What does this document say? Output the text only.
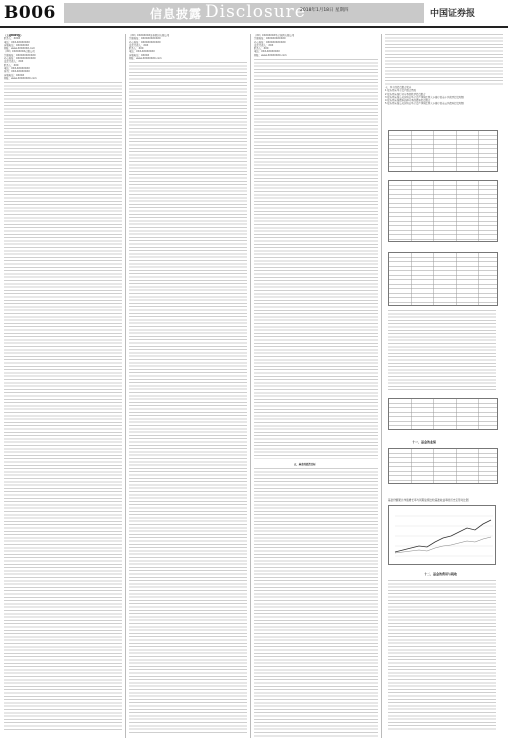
B006	信息披露 Disclosure
2018年1月18日 星期四	中国证券报

（上接B005版）

联系人：XXXX

电话：XXX-XXXXXXXX

客服电话：XXXXXXXX

网址：www.XXXXXXX.com

（XX）XXXXXXXX有限公司

注册地址：XXXXXXXXXXXX

办公地址：XXXXXXXXXXXX

法定代表人：XXX

联系人：XXX

电话：XXX-XXXXXXXX

传真：XXX-XXXXXXXX

客服电话：XXXXX

网址：www.XXXXXXXX.com

（XX）XXXXXXXX证券股份有限公司

注册地址：XXXXXXXXXXXX

办公地址：XXXXXXXXXXXX

法定代表人：XXX

联系人：XXX

电话：XXX-XXXXXXXX

客服电话：XXXXX

网址：www.XXXXXXXX.com

（XX）XXXXXXXX基金销售有限公司

注册地址：XXXXXXXXXXXX

办公地址：XXXXXXXXXXXX

法定代表人：XXX

联系人：XXX

电话：XXX-XXXXXXXX

网址：www.XXXXXXXX.com

五、基金的投资目标

十、基金的投资组合报告

1 报告期末基金资产组合情况

2 报告期末按行业分类的股票投资组合

3 报告期末按公允价值占基金资产净值比例大小排序的前十名股票投资明细

4 报告期末按债券品种分类的债券投资组合

5 报告期末按公允价值占基金资产净值比例大小排序的前五名债券投资明细

十一、基金的业绩
基金份额累计净值增长率与同期业绩比较基准收益率的历史走势对比图
十二、基金的费用与税收
